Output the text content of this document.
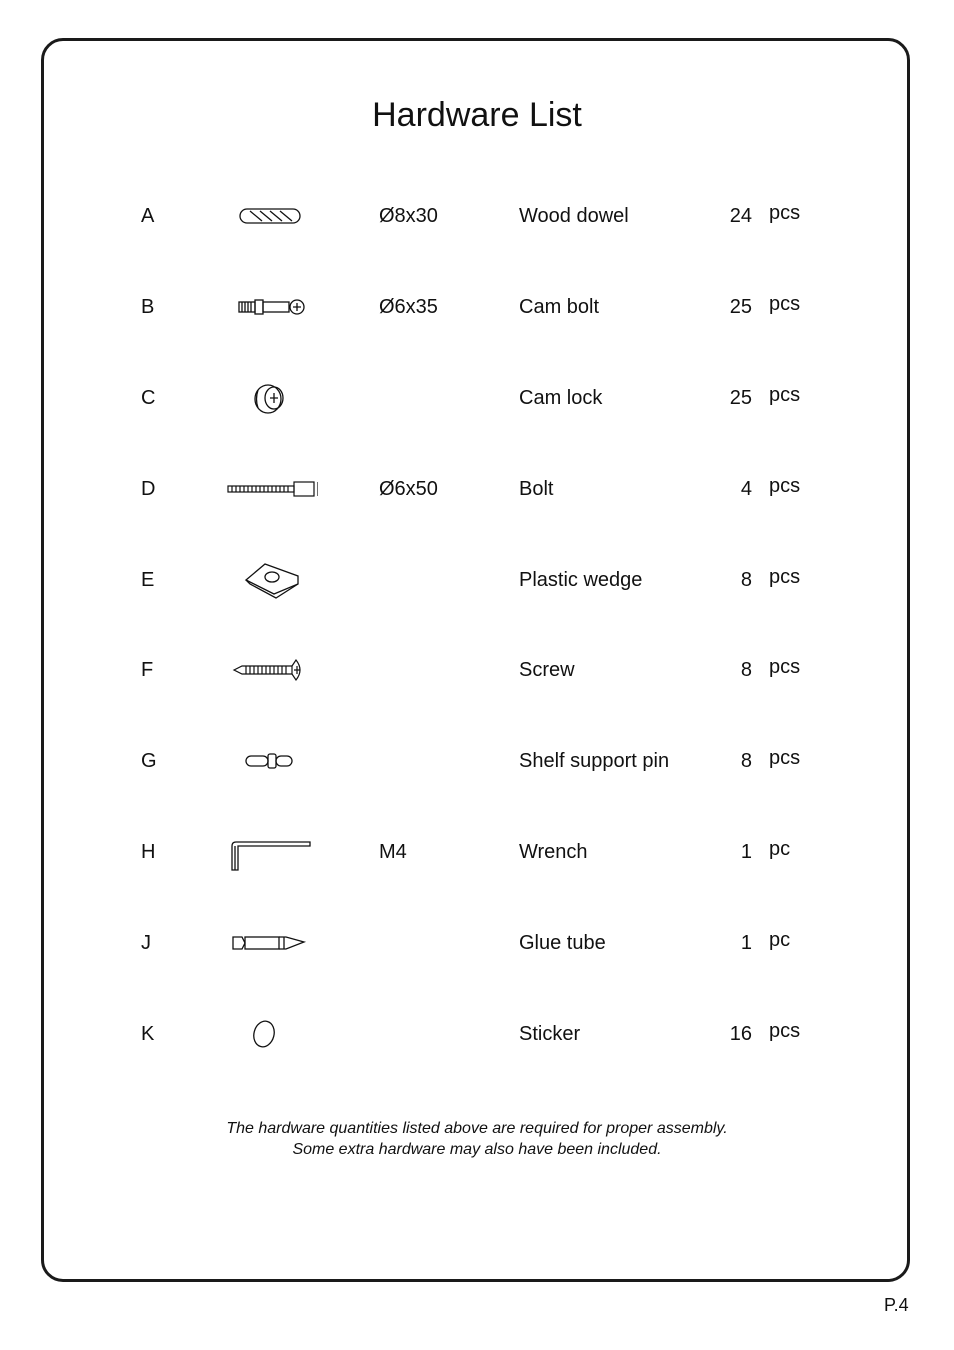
Hardware List
A	Ø8x30	Wood dowel	24 pcs
B	Ø6x35	Cam bolt	25 pcs
C	Cam lock	25 pcs
D	Ø6x50	Bolt	4 pcs
E	Plastic wedge	8 pcs
F	Screw	8 pcs
G	Shelf support pin	8 pcs
H	M4	Wrench	1 pc
J	Glue tube	1 pc
K	Sticker	16 pcs
The hardware quantities listed above are required for proper assembly.
Some extra hardware may also have been included.
P.4
